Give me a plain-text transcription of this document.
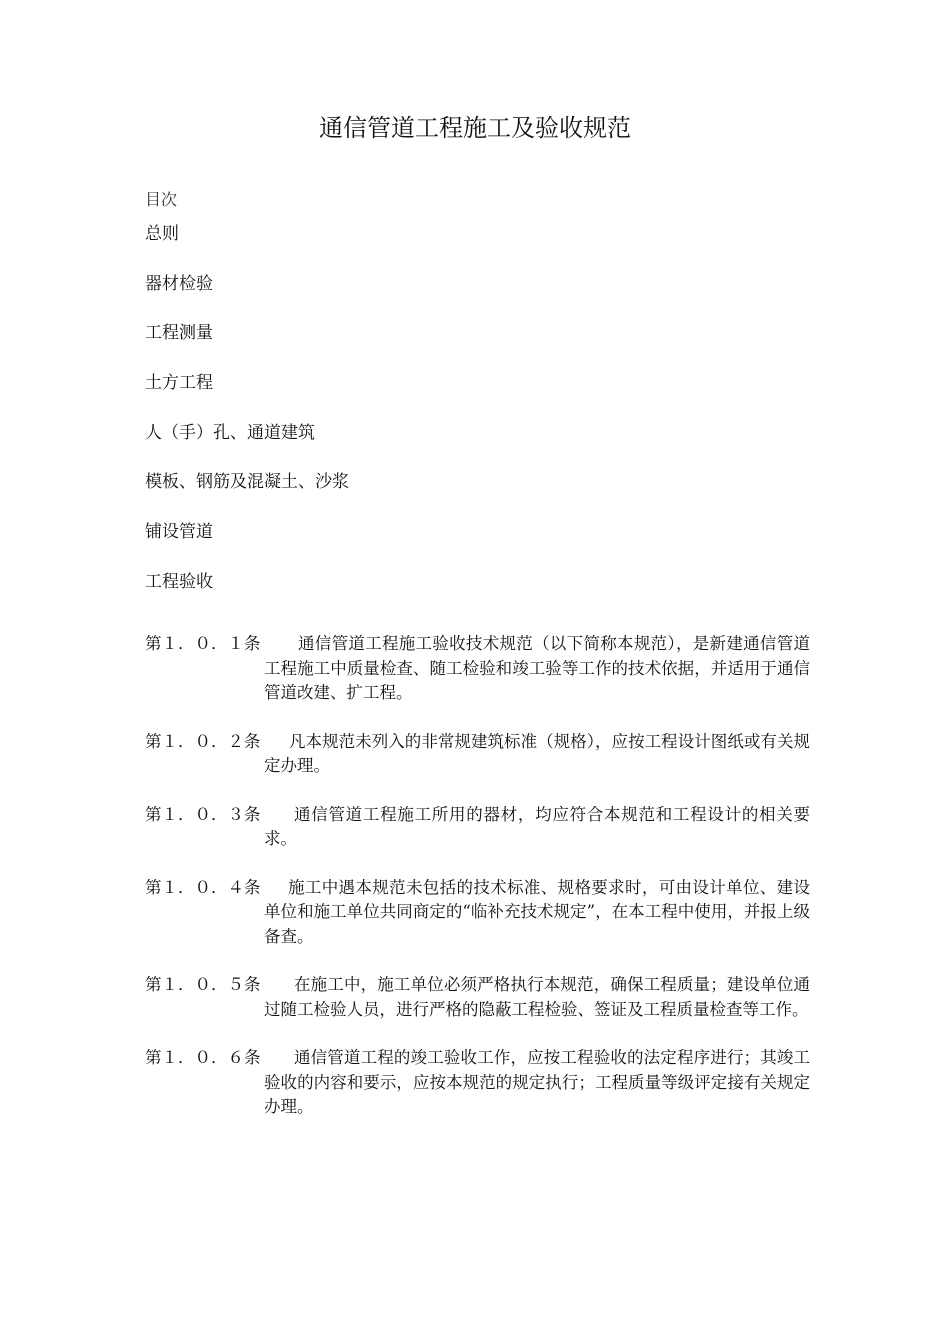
通信管道工程施工及验收规范
目次
总则
器材检验
工程测量
土方工程
人（手）孔、通道建筑
模板、钢筋及混凝土、沙浆
铺设管道
工程验收
第１．０．１条	通信管道工程施工验收技术规范（以下简称本规范），是新建通信管道工程施工中质量检查、随工检验和竣工验等工作的技术依据，并适用于通信管道改建、扩工程。
第１．０．２条	凡本规范未列入的非常规建筑标准（规格），应按工程设计图纸或有关规定办理。
第１．０．３条	通信管道工程施工所用的器材，均应符合本规范和工程设计的相关要求。
第１．０．４条	施工中遇本规范未包括的技术标准、规格要求时，可由设计单位、建设单位和施工单位共同商定的“临补充技术规定”，在本工程中使用，并报上级备查。
第１．０．５条	在施工中，施工单位必须严格执行本规范，确保工程质量；建设单位通过随工检验人员，进行严格的隐蔽工程检验、签证及工程质量检查等工作。
第１．０．６条	通信管道工程的竣工验收工作，应按工程验收的法定程序进行；其竣工验收的内容和要示，应按本规范的规定执行；工程质量等级评定接有关规定办理。
